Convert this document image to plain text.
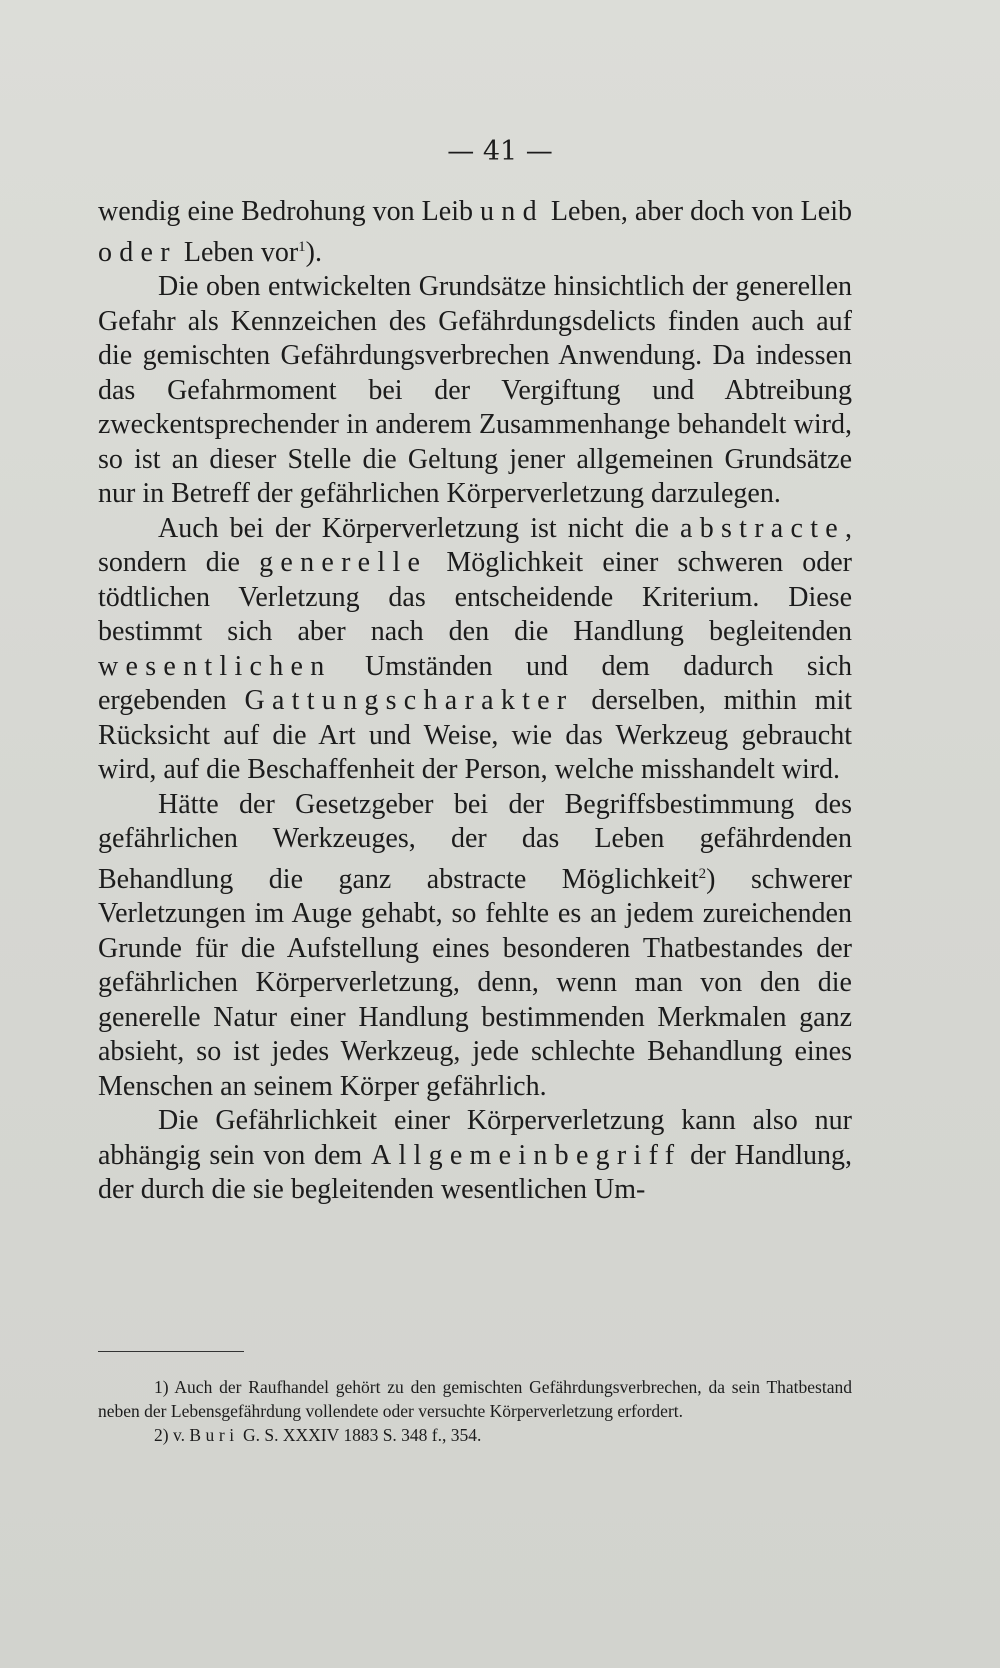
— 41 —

wendig eine Bedrohung von Leib und Leben, aber doch von Leib oder Leben vor$^1$).

Die oben entwickelten Grundsätze hinsichtlich der generellen Gefahr als Kennzeichen des Gefährdungsdelicts finden auch auf die gemischten Gefährdungsverbrechen Anwendung. Da indessen das Gefahrmoment bei der Vergiftung und Abtreibung zweckentsprechender in anderem Zusammenhange behandelt wird, so ist an dieser Stelle die Geltung jener allgemeinen Grundsätze nur in Betreff der gefährlichen Körperverletzung darzulegen.

Auch bei der Körperverletzung ist nicht die abstracte, sondern die generelle Möglichkeit einer schweren oder tödtlichen Verletzung das entscheidende Kriterium. Diese bestimmt sich aber nach den die Handlung begleitenden wesentlichen Umständen und dem dadurch sich ergebenden Gattungscharakter derselben, mithin mit Rücksicht auf die Art und Weise, wie das Werkzeug gebraucht wird, auf die Beschaffenheit der Person, welche misshandelt wird.

Hätte der Gesetzgeber bei der Begriffsbestimmung des gefährlichen Werkzeuges, der das Leben gefährdenden Behandlung die ganz abstracte Möglichkeit$^2$) schwerer Verletzungen im Auge gehabt, so fehlte es an jedem zureichenden Grunde für die Aufstellung eines besonderen Thatbestandes der gefährlichen Körperverletzung, denn, wenn man von den die generelle Natur einer Handlung bestimmenden Merkmalen ganz absieht, so ist jedes Werkzeug, jede schlechte Behandlung eines Menschen an seinem Körper gefährlich.

Die Gefährlichkeit einer Körperverletzung kann also nur abhängig sein von dem Allgemeinbegriff der Handlung, der durch die sie begleitenden wesentlichen Um-

1) Auch der Raufhandel gehört zu den gemischten Gefährdungsverbrechen, da sein Thatbestand neben der Lebensgefährdung vollendete oder versuchte Körperverletzung erfordert.

2) v. Buri G. S. XXXIV 1883 S. 348 f., 354.
